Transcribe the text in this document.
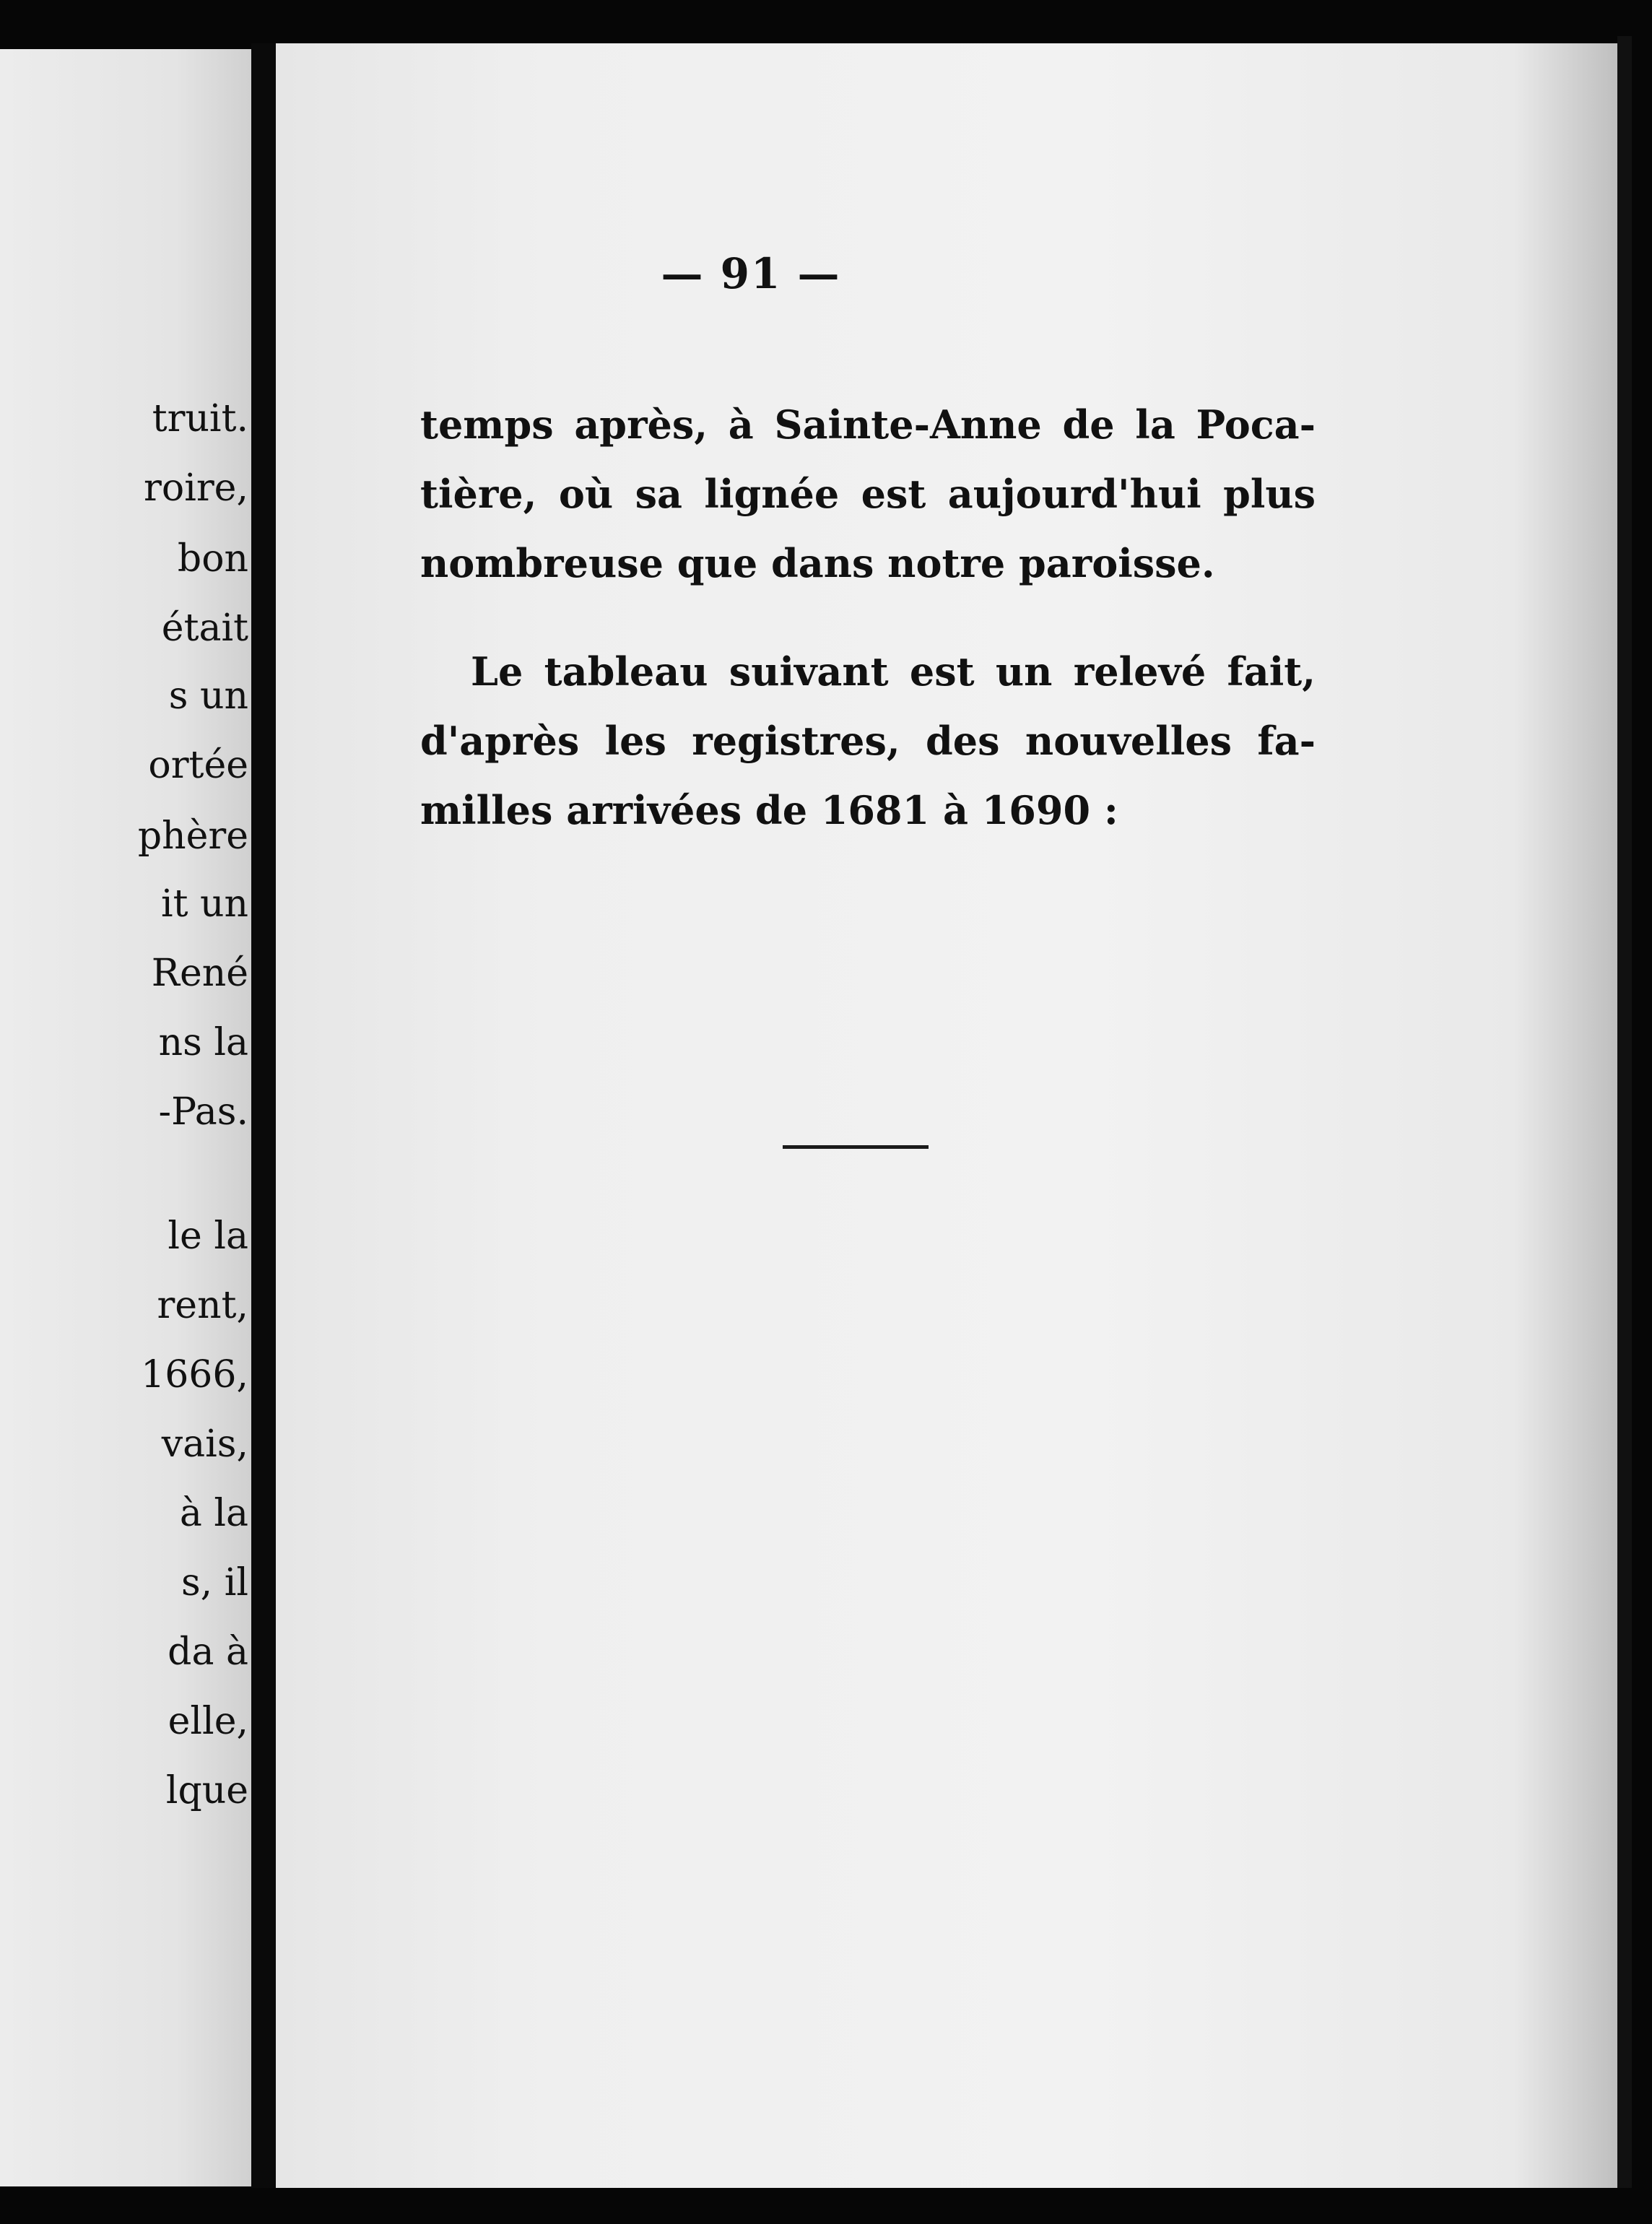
truit.
roire,
bon
était
s un
ortée
phère
it un
René
ns la
-Pas.
le la
rent,
1666,
vais,
à la
s, il
da à
elle,
lque
— 91 —
temps après, à Sainte-Anne de la Poca-
tière, où sa lignée est aujourd'hui plus
nombreuse que dans notre paroisse.
Le tableau suivant est un relevé fait,
d'après les registres, des nouvelles fa-
milles arrivées de 1681 à 1690 :
